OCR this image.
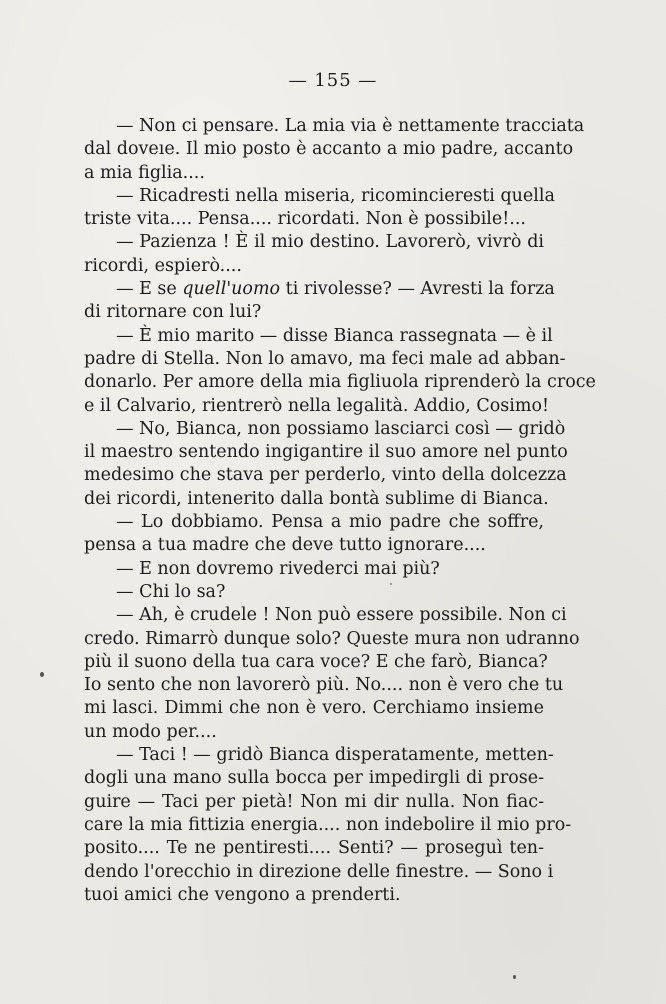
— 155 —
— Non ci pensare. La mia via è nettamente tracciata
dal doveıe. Il mio posto è accanto a mio padre, accanto
a mia figlia....
— Ricadresti nella miseria, ricomincieresti quella
triste vita.... Pensa.... ricordati. Non è possibile!...
— Pazienza ! È il mio destino. Lavorerò, vivrò di
ricordi, espierò....
— E se quell'uomo ti rivolesse? — Avresti la forza
di ritornare con lui?
— È mio marito — disse Bianca rassegnata — è il
padre di Stella. Non lo amavo, ma feci male ad abban-
donarlo. Per amore della mia figliuola riprenderò la croce
e il Calvario, rientrerò nella legalità. Addio, Cosimo!
— No, Bianca, non possiamo lasciarci così — gridò
il maestro sentendo ingigantire il suo amore nel punto
medesimo che stava per perderlo, vinto della dolcezza
dei ricordi, intenerito dalla bontà sublime di Bianca.
— Lo dobbiamo. Pensa a mio padre che soffre,
pensa a tua madre che deve tutto ignorare....
— E non dovremo rivederci mai più?
— Chi lo sa?
— Ah, è crudele ! Non può essere possibile. Non ci
credo. Rimarrò dunque solo? Queste mura non udranno
più il suono della tua cara voce? E che farò, Bianca?
Io sento che non lavorerò più. No.... non è vero che tu
mi lasci. Dimmi che non è vero. Cerchiamo insieme
un modo per....
— Taci ! — gridò Bianca disperatamente, metten-
dogli una mano sulla bocca per impedirgli di prose-
guire — Taci per pietà! Non mi dir nulla. Non fiac-
care la mia fittizia energia.... non indebolire il mio pro-
posito.... Te ne pentiresti.... Senti? — proseguì ten-
dendo l'orecchio in direzione delle finestre. — Sono i
tuoi amici che vengono a prenderti.
